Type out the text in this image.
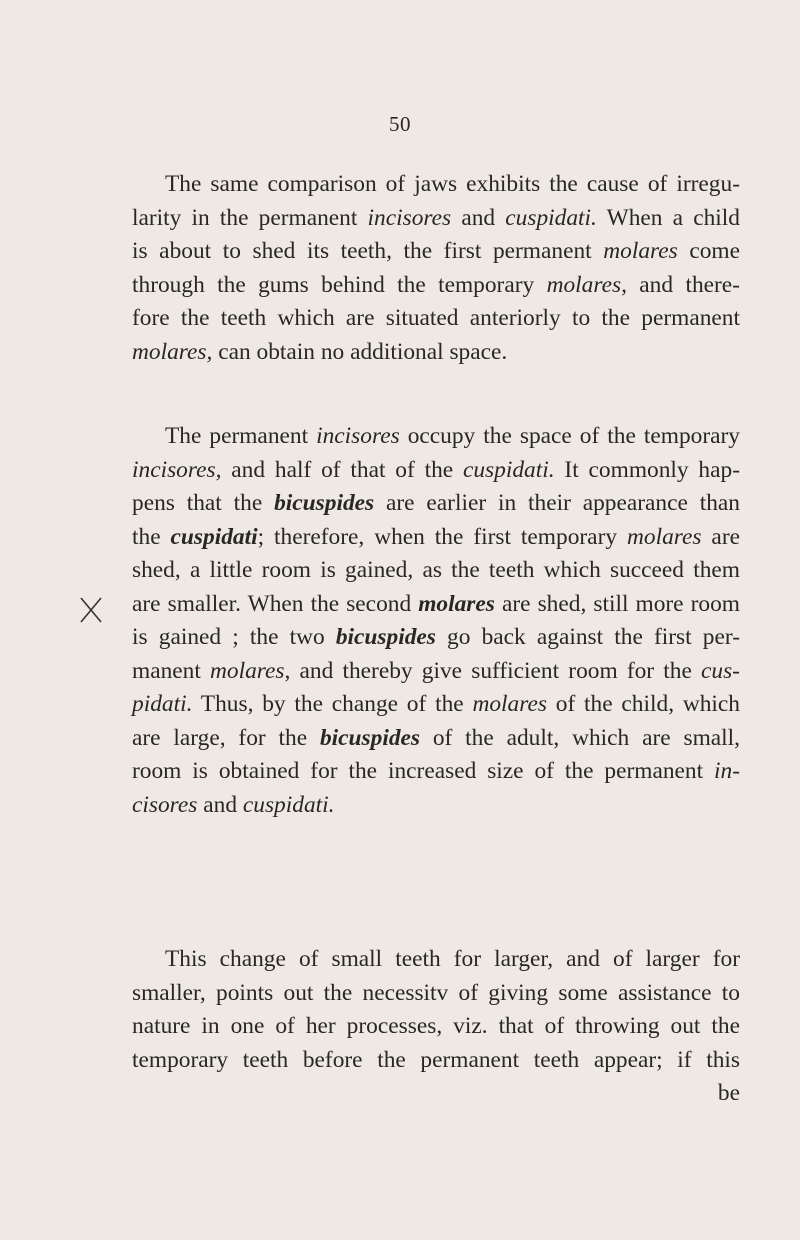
50
The same comparison of jaws exhibits the cause of irregu-
larity in the permanent incisores and cuspidati. When a child
is about to shed its teeth, the first permanent molares come
through the gums behind the temporary molares, and there-
fore the teeth which are situated anteriorly to the permanent
molares, can obtain no additional space.
The permanent incisores occupy the space of the temporary
incisores, and half of that of the cuspidati. It commonly hap-
pens that the bicuspides are earlier in their appearance than
the cuspidati; therefore, when the first temporary molares are
shed, a little room is gained, as the teeth which succeed them
are smaller. When the second molares are shed, still more room
is gained ; the two bicuspides go back against the first per-
manent molares, and thereby give sufficient room for the cus-
pidati. Thus, by the change of the molares of the child, which
are large, for the bicuspides of the adult, which are small,
room is obtained for the increased size of the permanent in-
cisores and cuspidati.
This change of small teeth for larger, and of larger for
smaller, points out the necessitv of giving some assistance to
nature in one of her processes, viz. that of throwing out the
temporary teeth before the permanent teeth appear; if this
be
